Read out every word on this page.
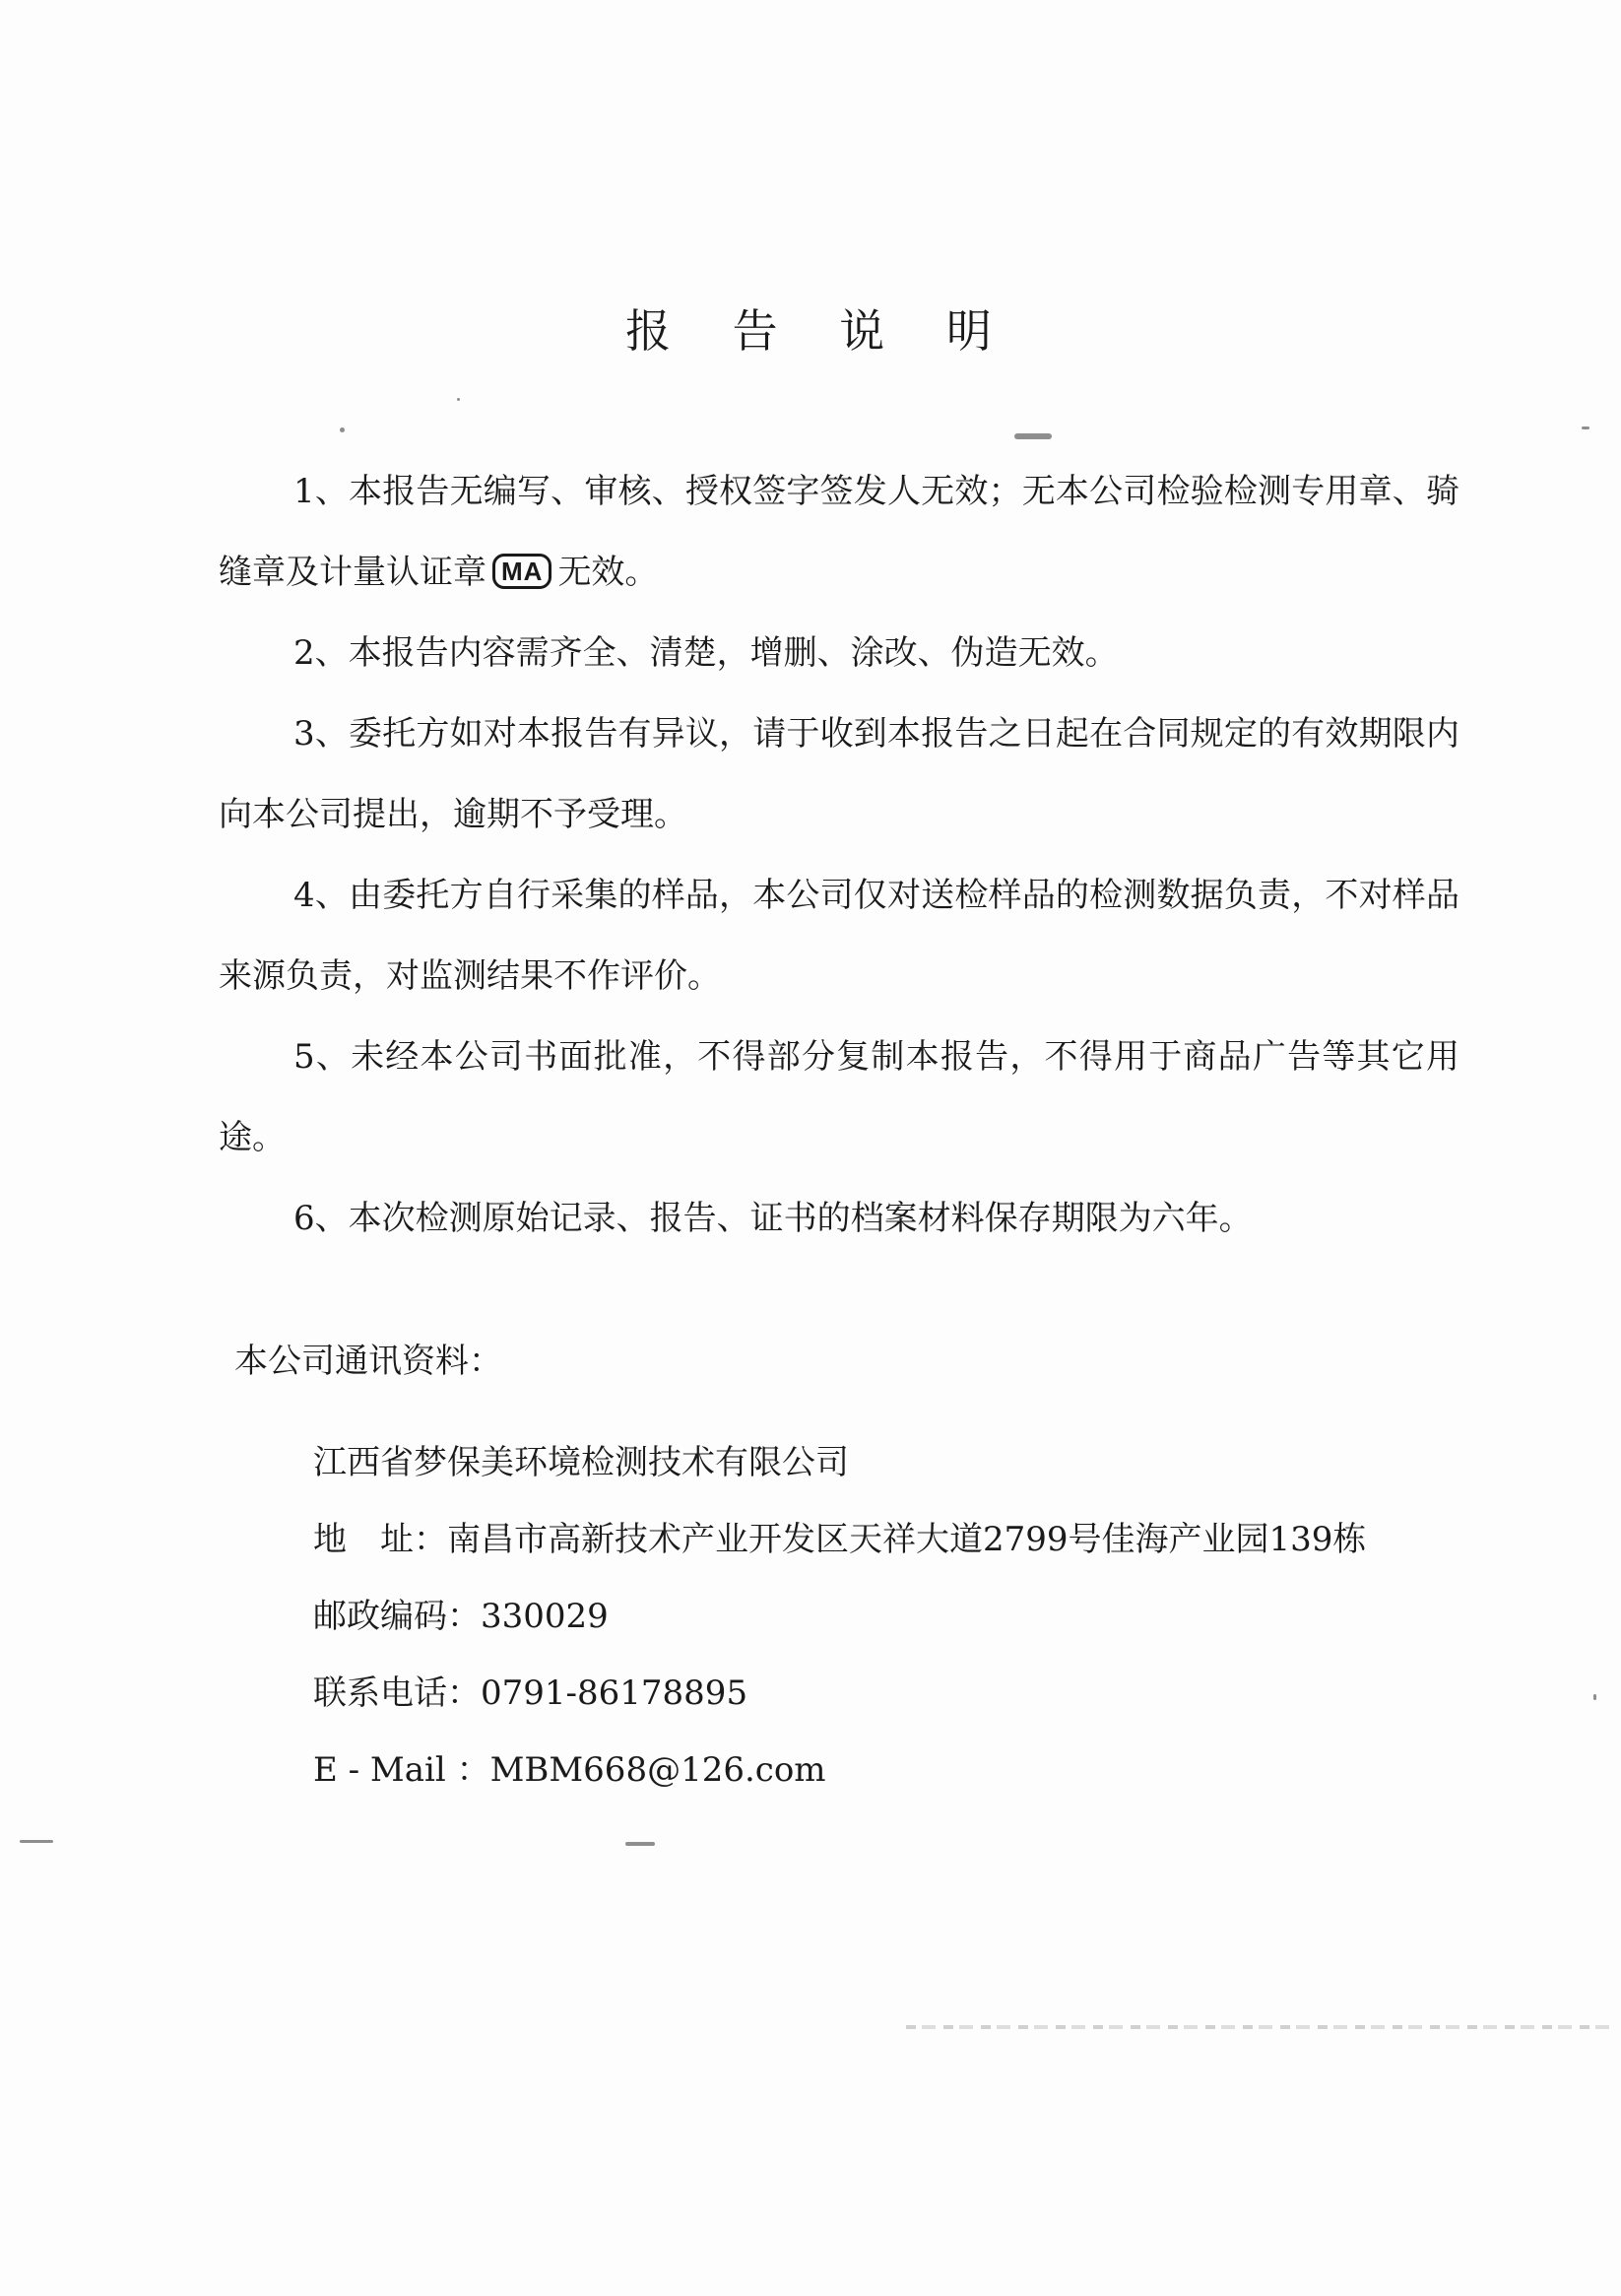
报 告 说 明

1、本报告无编写、审核、授权签字签发人无效；无本公司检验检测专用章、骑缝章及计量认证章 MA 无效。

2、本报告内容需齐全、清楚，增删、涂改、伪造无效。

3、委托方如对本报告有异议，请于收到本报告之日起在合同规定的有效期限内向本公司提出，逾期不予受理。

4、由委托方自行采集的样品，本公司仅对送检样品的检测数据负责，不对样品来源负责，对监测结果不作评价。

5、未经本公司书面批准，不得部分复制本报告，不得用于商品广告等其它用途。

6、本次检测原始记录、报告、证书的档案材料保存期限为六年。

本公司通讯资料：

江西省梦保美环境检测技术有限公司

地　址：南昌市高新技术产业开发区天祥大道2799号佳海产业园139栋

邮政编码：330029

联系电话：0791-86178895

E - Mail ：MBM668@126.com
